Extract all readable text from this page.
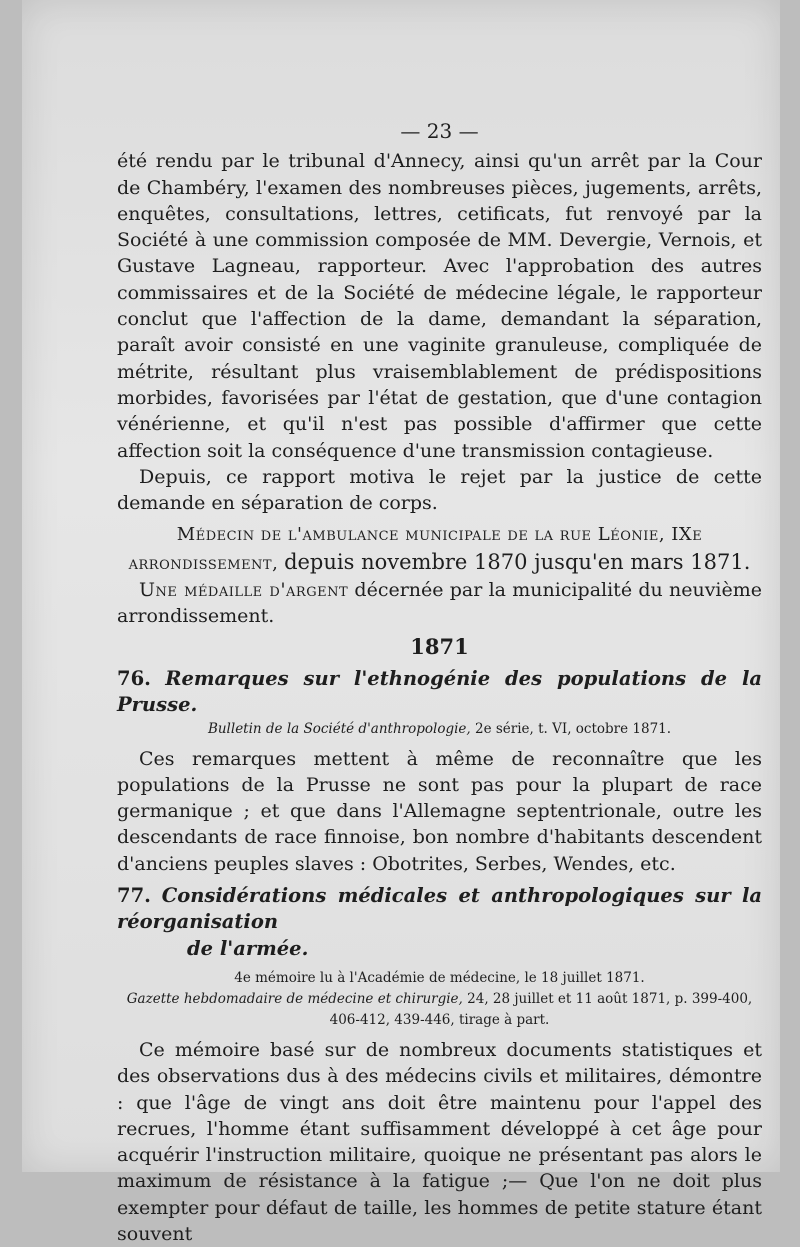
— 23 —

été rendu par le tribunal d'Annecy, ainsi qu'un arrêt par la Cour de Chambéry, l'examen des nombreuses pièces, jugements, arrêts, enquêtes, consultations, lettres, cetificats, fut renvoyé par la Société à une commission composée de MM. Devergie, Vernois, et Gustave Lagneau, rapporteur. Avec l'approbation des autres commissaires et de la Société de médecine légale, le rapporteur conclut que l'affection de la dame, demandant la séparation, paraît avoir consisté en une vaginite granuleuse, compliquée de métrite, résultant plus vraisemblablement de prédispositions morbides, favorisées par l'état de gestation, que d'une contagion vénérienne, et qu'il n'est pas possible d'affirmer que cette affection soit la conséquence d'une transmission contagieuse.

Depuis, ce rapport motiva le rejet par la justice de cette demande en séparation de corps.

Médecin de l'ambulance municipale de la rue Léonie, IXe arrondissement, depuis novembre 1870 jusqu'en mars 1871.

Une médaille d'argent décernée par la municipalité du neuvième arrondissement.

1871

76. Remarques sur l'ethnogénie des populations de la Prusse.

Bulletin de la Société d'anthropologie, 2e série, t. VI, octobre 1871.

Ces remarques mettent à même de reconnaître que les populations de la Prusse ne sont pas pour la plupart de race germanique ; et que dans l'Allemagne septentrionale, outre les descendants de race finnoise, bon nombre d'habitants descendent d'anciens peuples slaves : Obotrites, Serbes, Wendes, etc.

77. Considérations médicales et anthropologiques sur la réorganisation

de l'armée.

4e mémoire lu à l'Académie de médecine, le 18 juillet 1871.

Gazette hebdomadaire de médecine et chirurgie, 24, 28 juillet et 11 août 1871, p. 399-400,

406-412, 439-446, tirage à part.

Ce mémoire basé sur de nombreux documents statistiques et des observations dus à des médecins civils et militaires, démontre : que l'âge de vingt ans doit être maintenu pour l'appel des recrues, l'homme étant suffisamment développé à cet âge pour acquérir l'instruction militaire, quoique ne présentant pas alors le maximum de résistance à la fatigue ;— Que l'on ne doit plus exempter pour défaut de taille, les hommes de petite stature étant souvent
